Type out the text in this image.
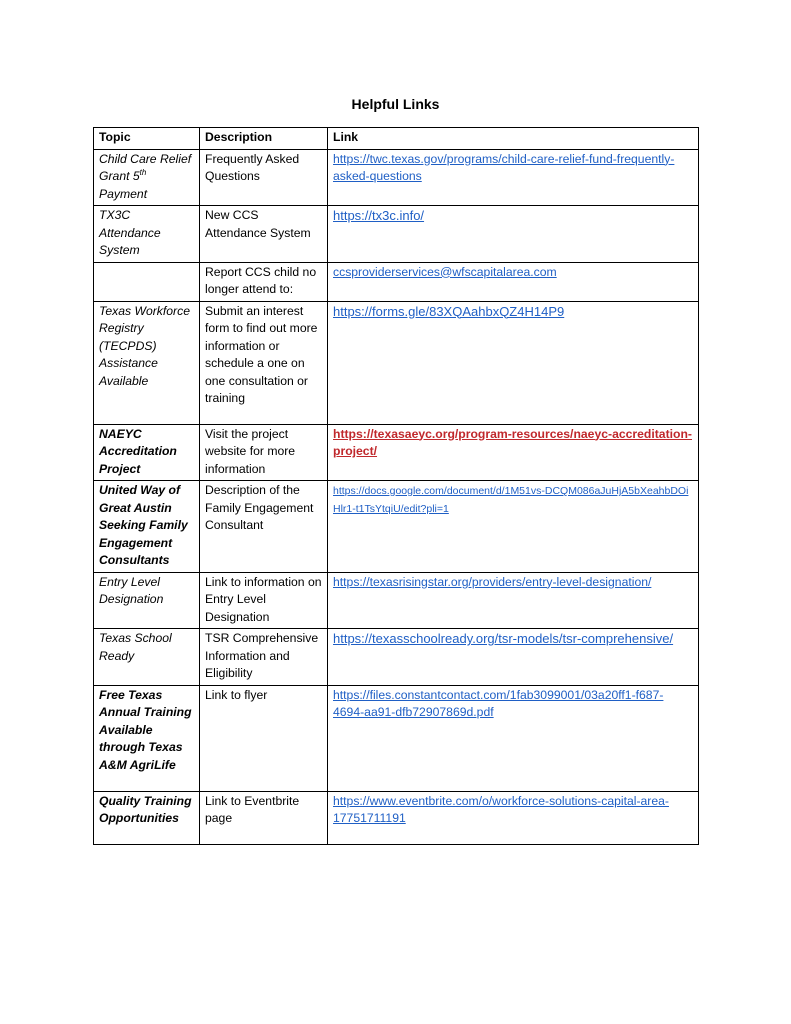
Helpful Links
Topic	Description	Link
Child Care Relief Grant 5th Payment	Frequently Asked Questions	https://twc.texas.gov/programs/child-care-relief-fund-frequently-asked-questions
TX3C Attendance System	New CCS Attendance System	https://tx3c.info/
	Report CCS child no longer attend to:	ccsproviderservices@wfscapitalarea.com
Texas Workforce Registry (TECPDS) Assistance Available	Submit an interest form to find out more information or schedule a one on one consultation or training	https://forms.gle/83XQAahbxQZ4H14P9
NAEYC Accreditation Project	Visit the project website for more information	https://texasaeyc.org/program-resources/naeyc-accreditation-project/
United Way of Great Austin Seeking Family Engagement Consultants	Description of the Family Engagement Consultant	https://docs.google.com/document/d/1M51vs-DCQM086aJuHjA5bXeahbDOiHlr1-t1TsYtqiU/edit?pli=1
Entry Level Designation	Link to information on Entry Level Designation	https://texasrisingstar.org/providers/entry-level-designation/
Texas School Ready	TSR Comprehensive Information and Eligibility	https://texasschoolready.org/tsr-models/tsr-comprehensive/
Free Texas Annual Training Available through Texas A&M AgriLife	Link to flyer	https://files.constantcontact.com/1fab3099001/03a20ff1-f687-4694-aa91-dfb72907869d.pdf
Quality Training Opportunities	Link to Eventbrite page	https://www.eventbrite.com/o/workforce-solutions-capital-area-17751711191
